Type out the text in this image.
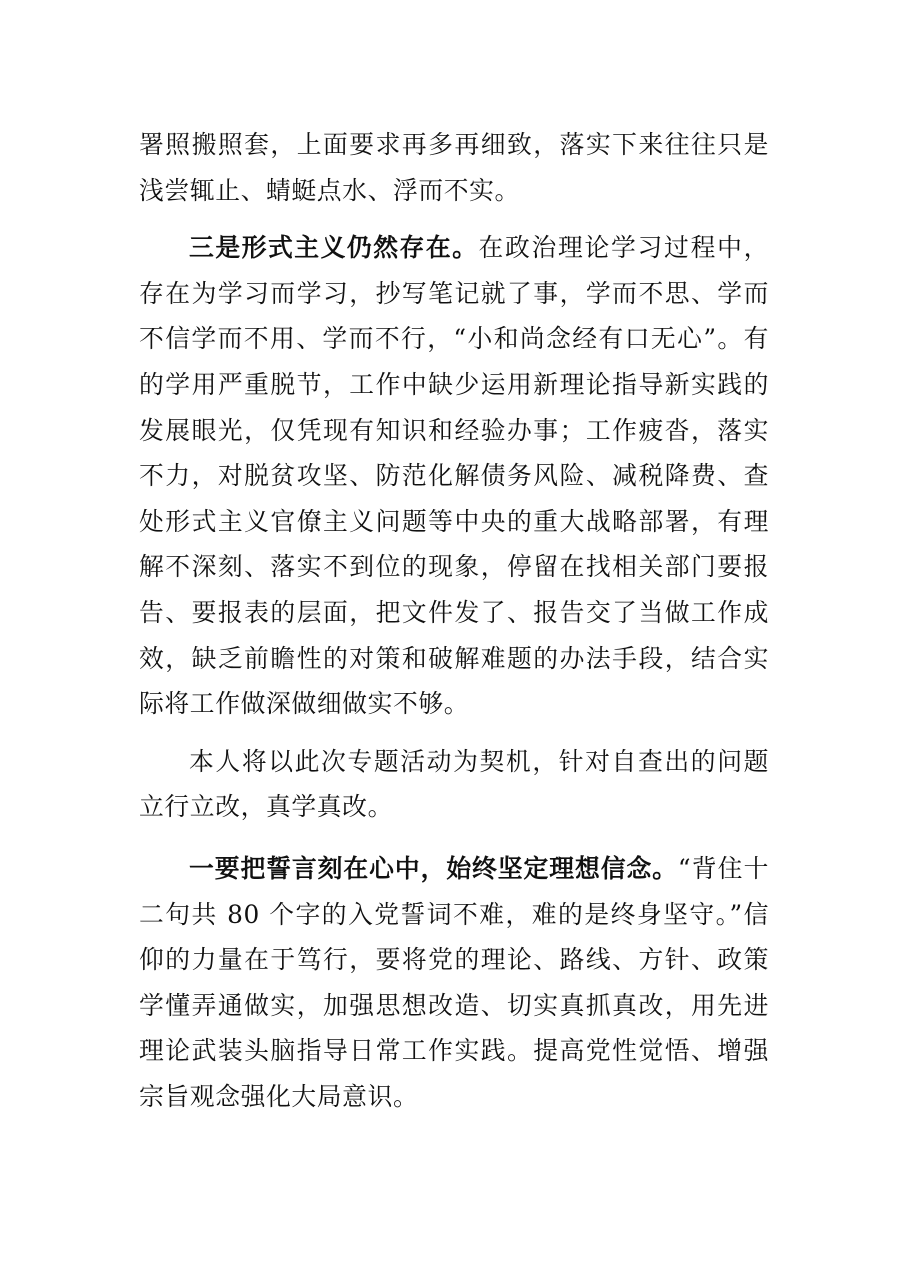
署照搬照套，上面要求再多再细致，落实下来往往只是浅尝辄止、蜻蜓点水、浮而不实。

三是形式主义仍然存在。在政治理论学习过程中，存在为学习而学习，抄写笔记就了事，学而不思、学而不信学而不用、学而不行，“小和尚念经有口无心”。有的学用严重脱节，工作中缺少运用新理论指导新实践的发展眼光，仅凭现有知识和经验办事；工作疲沓，落实不力，对脱贫攻坚、防范化解债务风险、减税降费、查处形式主义官僚主义问题等中央的重大战略部署，有理解不深刻、落实不到位的现象，停留在找相关部门要报告、要报表的层面，把文件发了、报告交了当做工作成效，缺乏前瞻性的对策和破解难题的办法手段，结合实际将工作做深做细做实不够。

本人将以此次专题活动为契机，针对自查出的问题立行立改，真学真改。

一要把誓言刻在心中，始终坚定理想信念。“背住十二句共 80 个字的入党誓词不难，难的是终身坚守。”信仰的力量在于笃行，要将党的理论、路线、方针、政策学懂弄通做实，加强思想改造、切实真抓真改，用先进理论武装头脑指导日常工作实践。提高党性觉悟、增强宗旨观念强化大局意识。
